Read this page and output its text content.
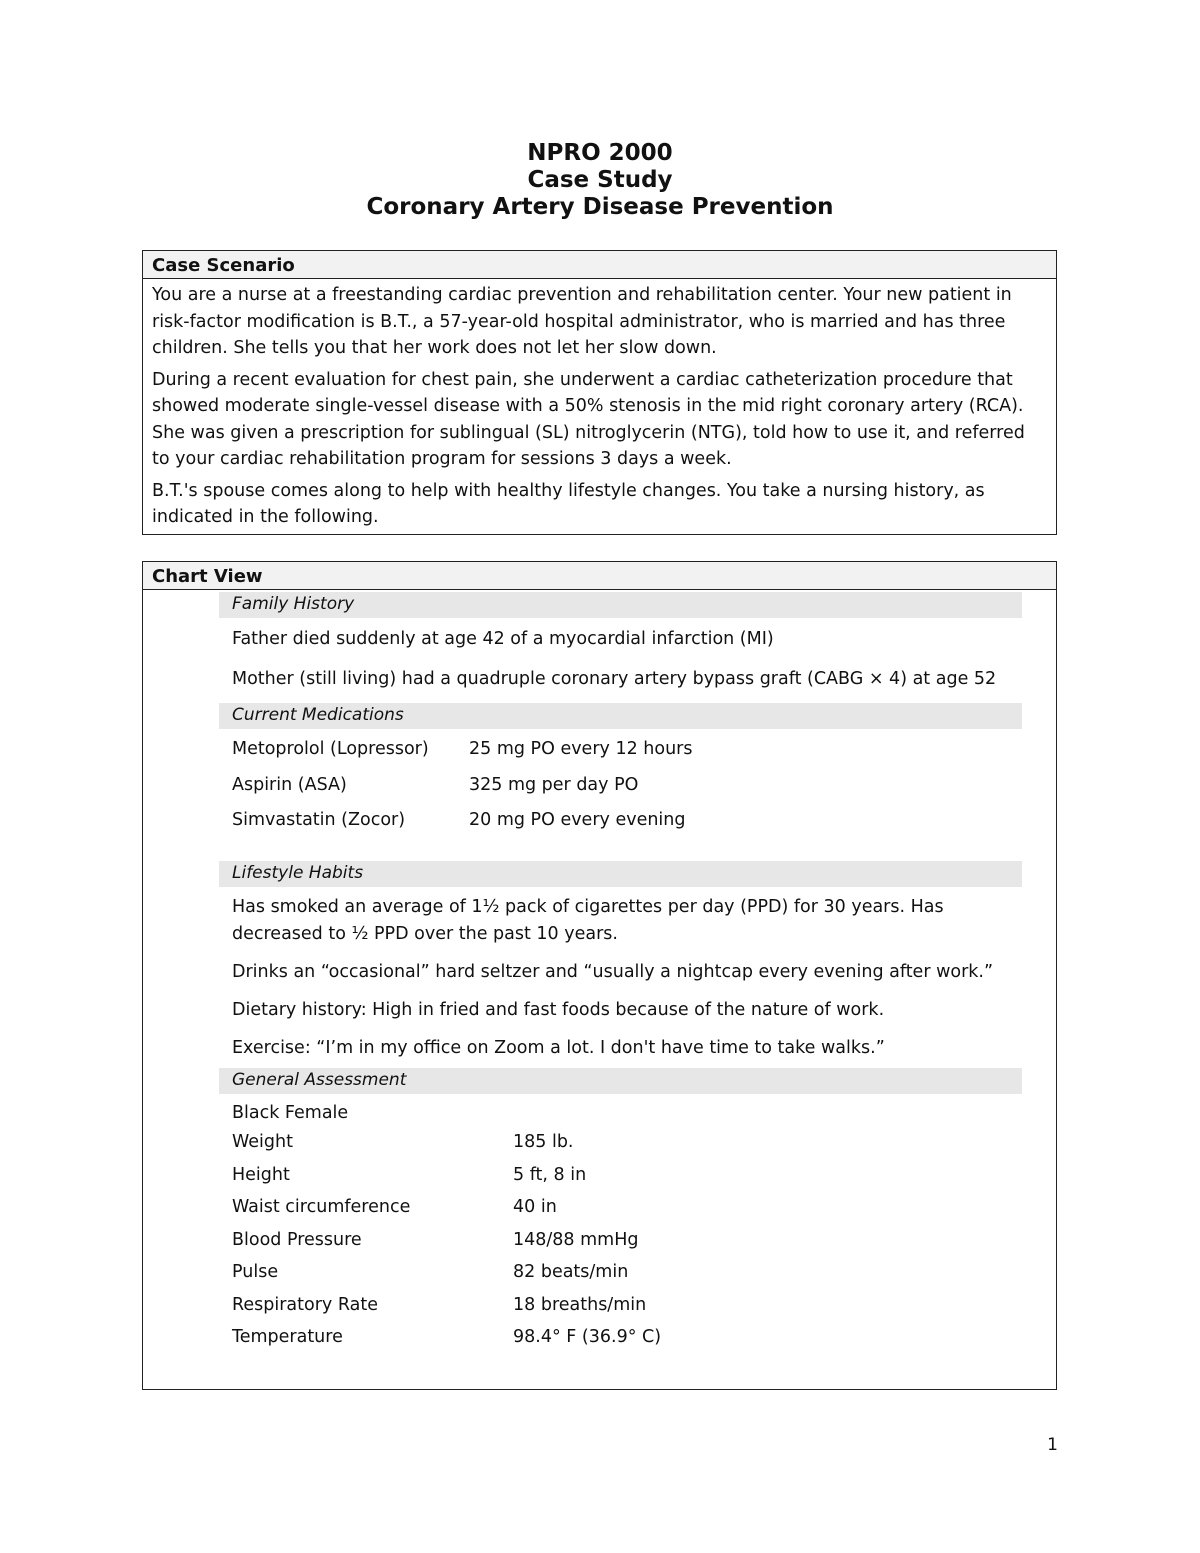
NPRO 2000
Case Study
Coronary Artery Disease Prevention
Case Scenario

You are a nurse at a freestanding cardiac prevention and rehabilitation center. Your new patient in risk-factor modification is B.T., a 57-year-old hospital administrator, who is married and has three children. She tells you that her work does not let her slow down.

During a recent evaluation for chest pain, she underwent a cardiac catheterization procedure that showed moderate single-vessel disease with a 50% stenosis in the mid right coronary artery (RCA). She was given a prescription for sublingual (SL) nitroglycerin (NTG), told how to use it, and referred to your cardiac rehabilitation program for sessions 3 days a week.

B.T.'s spouse comes along to help with healthy lifestyle changes. You take a nursing history, as indicated in the following.

Chart View
Family History
Father died suddenly at age 42 of a myocardial infarction (MI)
Mother (still living) had a quadruple coronary artery bypass graft (CABG × 4) at age 52
Current Medications
Metoprolol (Lopressor)	25 mg PO every 12 hours
Aspirin (ASA)	325 mg per day PO
Simvastatin (Zocor)	20 mg PO every evening
Lifestyle Habits
Has smoked an average of 1½ pack of cigarettes per day (PPD) for 30 years. Has decreased to ½ PPD over the past 10 years.
Drinks an “occasional” hard seltzer and “usually a nightcap every evening after work.”
Dietary history: High in fried and fast foods because of the nature of work.
Exercise: “I’m in my office on Zoom a lot. I don't have time to take walks.”
General Assessment
Black Female
Weight	185 lb.
Height	5 ft, 8 in
Waist circumference	40 in
Blood Pressure	148/88 mmHg
Pulse	82 beats/min
Respiratory Rate	18 breaths/min
Temperature	98.4° F (36.9° C)
1
